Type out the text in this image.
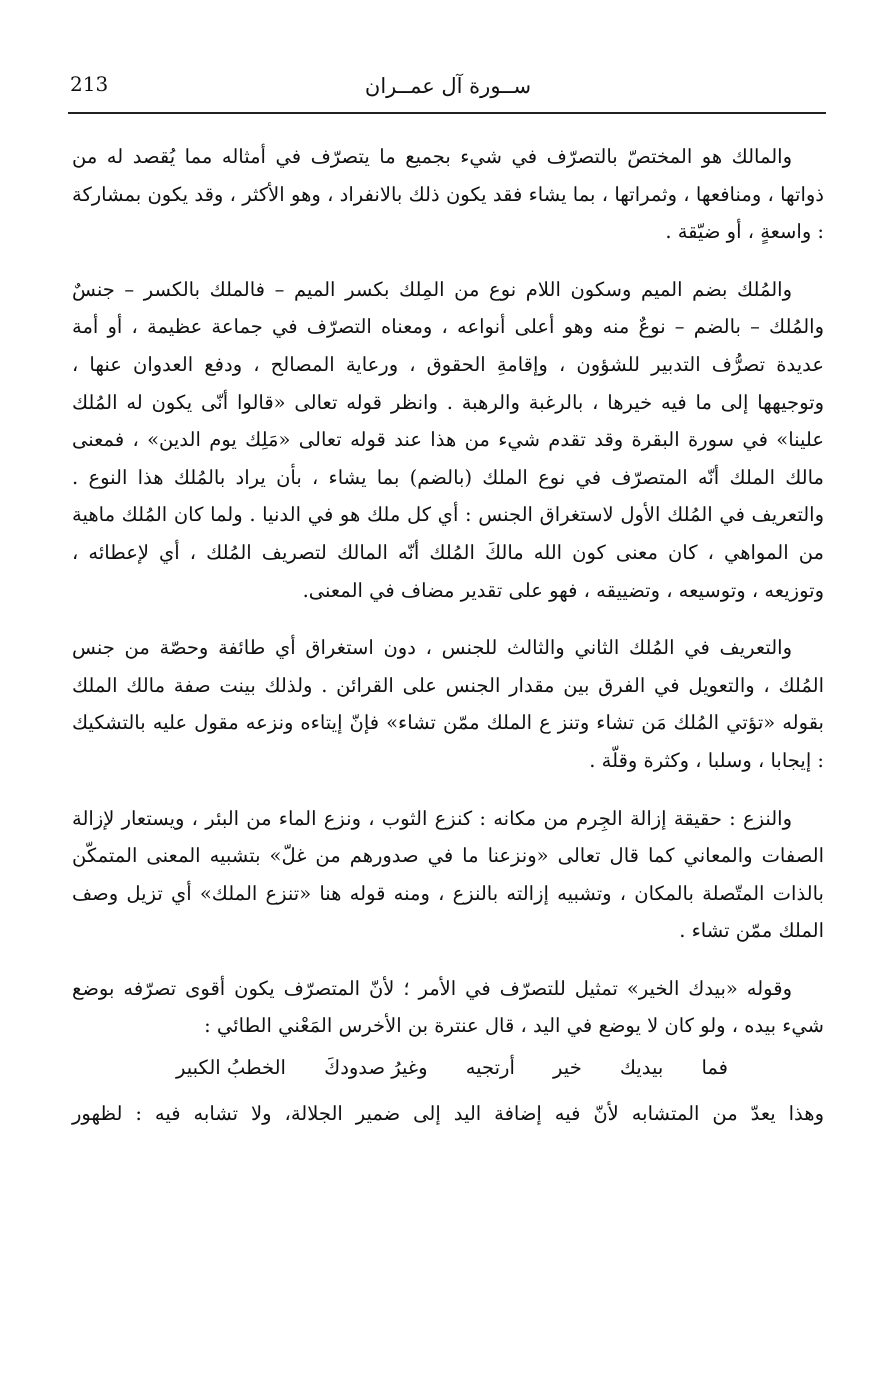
213	ســورة آل عمــران

والمالك هو المختصّ بالتصرّف في شيء بجميع ما يتصرّف في أمثاله مما يُقصد له من ذواتها ، ومنافعها ، وثمراتها ، بما يشاء فقد يكون ذلك بالانفراد ، وهو الأكثر ، وقد يكون بمشاركة : واسعةٍ ، أو ضيّقة .

والمُلك بضم الميم وسكون اللام نوع من المِلك بكسر الميم – فالملك بالكسر – جنسٌ والمُلك – بالضم – نوعٌ منه وهو أعلى أنواعه ، ومعناه التصرّف في جماعة عظيمة ، أو أمة عديدة تصرُّف التدبير للشؤون ، وإقامةِ الحقوق ، ورعاية المصالح ، ودفع العدوان عنها ، وتوجيهها إلى ما فيه خيرها ، بالرغبة والرهبة . وانظر قوله تعالى «قالوا أنّى يكون له المُلك علينا» في سورة البقرة وقد تقدم شيء من هذا عند قوله تعالى «مَلِك يوم الدين» ، فمعنى مالك الملك أنّه المتصرّف في نوع الملك (بالضم) بما يشاء ، بأن يراد بالمُلك هذا النوع . والتعريف في المُلك الأول لاستغراق الجنس : أي كل ملك هو في الدنيا . ولما كان المُلك ماهية من المواهي ، كان معنى كون الله مالكَ المُلك أنّه المالك لتصريف المُلك ، أي لإعطائه ، وتوزيعه ، وتوسيعه ، وتضييقه ، فهو على تقدير مضاف في المعنى.

والتعريف في المُلك الثاني والثالث للجنس ، دون استغراق أي طائفة وحصّة من جنس المُلك ، والتعويل في الفرق بين مقدار الجنس على القرائن . ولذلك بينت صفة مالك الملك بقوله «تؤتي المُلك مَن تشاء وتنز ع الملك ممّن تشاء» فإنّ إيتاءه ونزعه مقول عليه بالتشكيك : إيجابا ، وسلبا ، وكثرة وقلّة .

والنزع : حقيقة إزالة الجِرم من مكانه : كنزع الثوب ، ونزع الماء من البئر ، ويستعار لإزالة الصفات والمعاني كما قال تعالى «ونزعنا ما في صدورهم من غلّ» بتشبيه المعنى المتمكّن بالذات المتّصلة بالمكان ، وتشبيه إزالته بالنزع ، ومنه قوله هنا «تنزع الملك» أي تزيل وصف الملك ممّن تشاء .

وقوله «بيدك الخير» تمثيل للتصرّف في الأمر ؛ لأنّ المتصرّف يكون أقوى تصرّفه بوضع شيء بيده ، ولو كان لا يوضع في اليد ، قال عنترة بن الأخرس المَعْني الطائي :

فما
بيديك
خير
أرتجيه
وغيرُ صدودكَ
الخطبُ الكبير

وهذا يعدّ من المتشابه لأنّ فيه إضافة اليد إلى ضمير الجلالة، ولا تشابه فيه : لظهور
